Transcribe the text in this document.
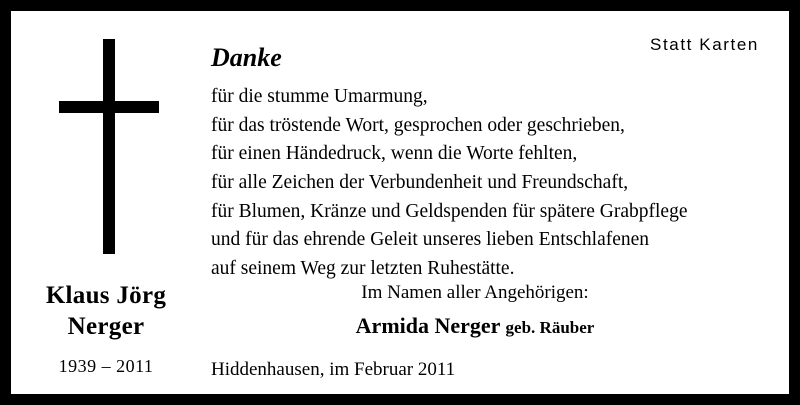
Klaus Jörg
Nerger
1939 – 2011
Statt Karten
Danke
für die stumme Umarmung,
für das tröstende Wort, gesprochen oder geschrieben,
für einen Händedruck, wenn die Worte fehlten,
für alle Zeichen der Verbundenheit und Freundschaft,
für Blumen, Kränze und Geldspenden für spätere Grabpflege
und für das ehrende Geleit unseres lieben Entschlafenen
auf seinem Weg zur letzten Ruhestätte.
Im Namen aller Angehörigen:
Armida Nerger geb. Räuber
Hiddenhausen, im Februar 2011
